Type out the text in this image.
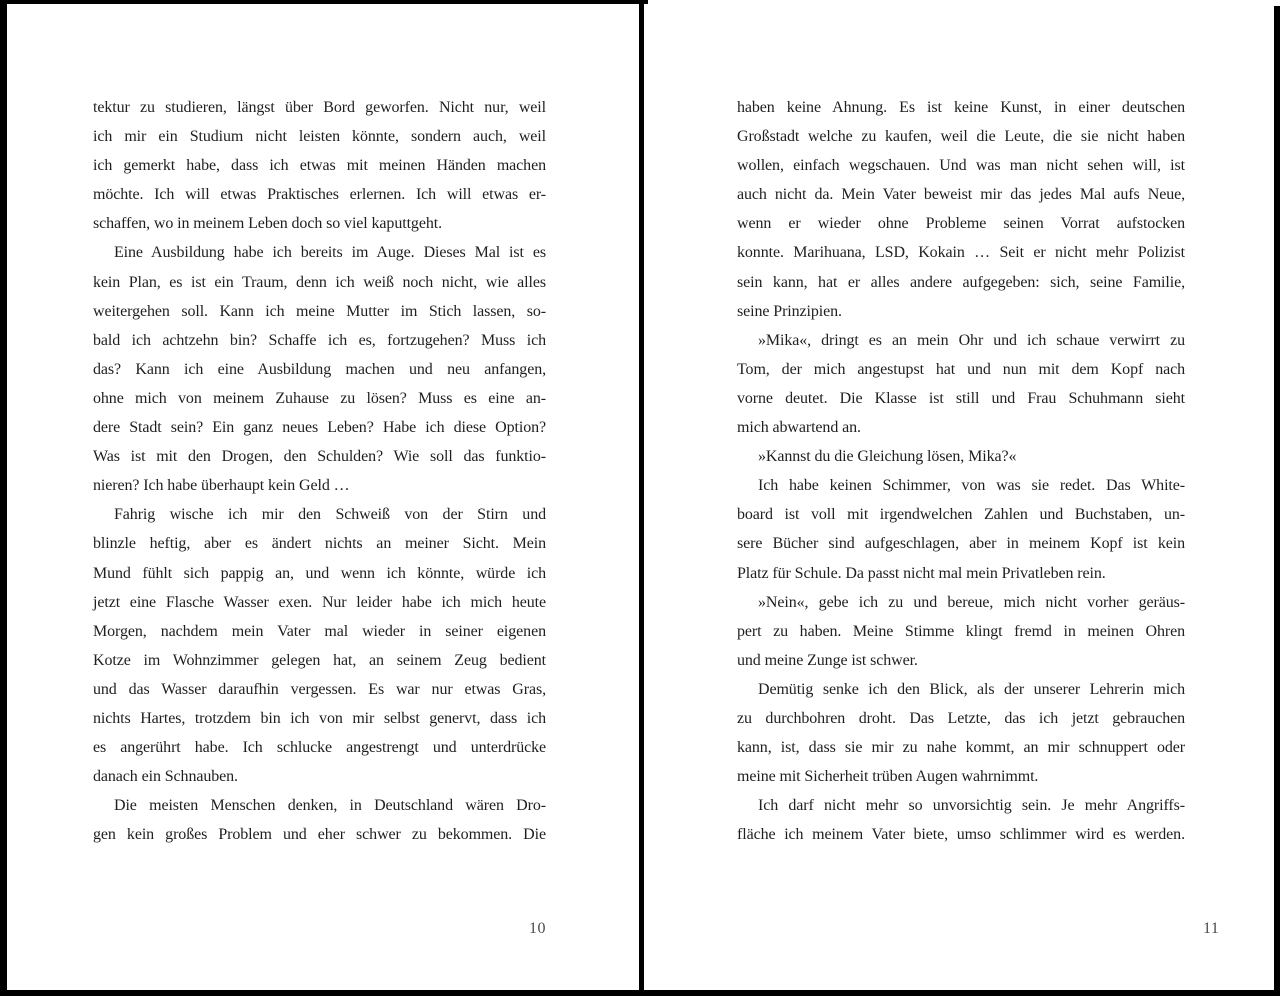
tektur zu studieren, längst über Bord geworfen. Nicht nur, weil
ich mir ein Studium nicht leisten könnte, sondern auch, weil
ich gemerkt habe, dass ich etwas mit meinen Händen machen
möchte. Ich will etwas Praktisches erlernen. Ich will etwas er-
schaffen, wo in meinem Leben doch so viel kaputtgeht.
Eine Ausbildung habe ich bereits im Auge. Dieses Mal ist es
kein Plan, es ist ein Traum, denn ich weiß noch nicht, wie alles
weitergehen soll. Kann ich meine Mutter im Stich lassen, so-
bald ich achtzehn bin? Schaffe ich es, fortzugehen? Muss ich
das? Kann ich eine Ausbildung machen und neu anfangen,
ohne mich von meinem Zuhause zu lösen? Muss es eine an-
dere Stadt sein? Ein ganz neues Leben? Habe ich diese Option?
Was ist mit den Drogen, den Schulden? Wie soll das funktio-
nieren? Ich habe überhaupt kein Geld …
Fahrig wische ich mir den Schweiß von der Stirn und
blinzle heftig, aber es ändert nichts an meiner Sicht. Mein
Mund fühlt sich pappig an, und wenn ich könnte, würde ich
jetzt eine Flasche Wasser exen. Nur leider habe ich mich heute
Morgen, nachdem mein Vater mal wieder in seiner eigenen
Kotze im Wohnzimmer gelegen hat, an seinem Zeug bedient
und das Wasser daraufhin vergessen. Es war nur etwas Gras,
nichts Hartes, trotzdem bin ich von mir selbst genervt, dass ich
es angerührt habe. Ich schlucke angestrengt und unterdrücke
danach ein Schnauben.
Die meisten Menschen denken, in Deutschland wären Dro-
gen kein großes Problem und eher schwer zu bekommen. Die
10
haben keine Ahnung. Es ist keine Kunst, in einer deutschen
Großstadt welche zu kaufen, weil die Leute, die sie nicht haben
wollen, einfach wegschauen. Und was man nicht sehen will, ist
auch nicht da. Mein Vater beweist mir das jedes Mal aufs Neue,
wenn er wieder ohne Probleme seinen Vorrat aufstocken
konnte. Marihuana, LSD, Kokain … Seit er nicht mehr Polizist
sein kann, hat er alles andere aufgegeben: sich, seine Familie,
seine Prinzipien.
»Mika«, dringt es an mein Ohr und ich schaue verwirrt zu
Tom, der mich angestupst hat und nun mit dem Kopf nach
vorne deutet. Die Klasse ist still und Frau Schuhmann sieht
mich abwartend an.
»Kannst du die Gleichung lösen, Mika?«
Ich habe keinen Schimmer, von was sie redet. Das White-
board ist voll mit irgendwelchen Zahlen und Buchstaben, un-
sere Bücher sind aufgeschlagen, aber in meinem Kopf ist kein
Platz für Schule. Da passt nicht mal mein Privatleben rein.
»Nein«, gebe ich zu und bereue, mich nicht vorher geräus-
pert zu haben. Meine Stimme klingt fremd in meinen Ohren
und meine Zunge ist schwer.
Demütig senke ich den Blick, als der unserer Lehrerin mich
zu durchbohren droht. Das Letzte, das ich jetzt gebrauchen
kann, ist, dass sie mir zu nahe kommt, an mir schnuppert oder
meine mit Sicherheit trüben Augen wahrnimmt.
Ich darf nicht mehr so unvorsichtig sein. Je mehr Angriffs-
fläche ich meinem Vater biete, umso schlimmer wird es werden.
11
